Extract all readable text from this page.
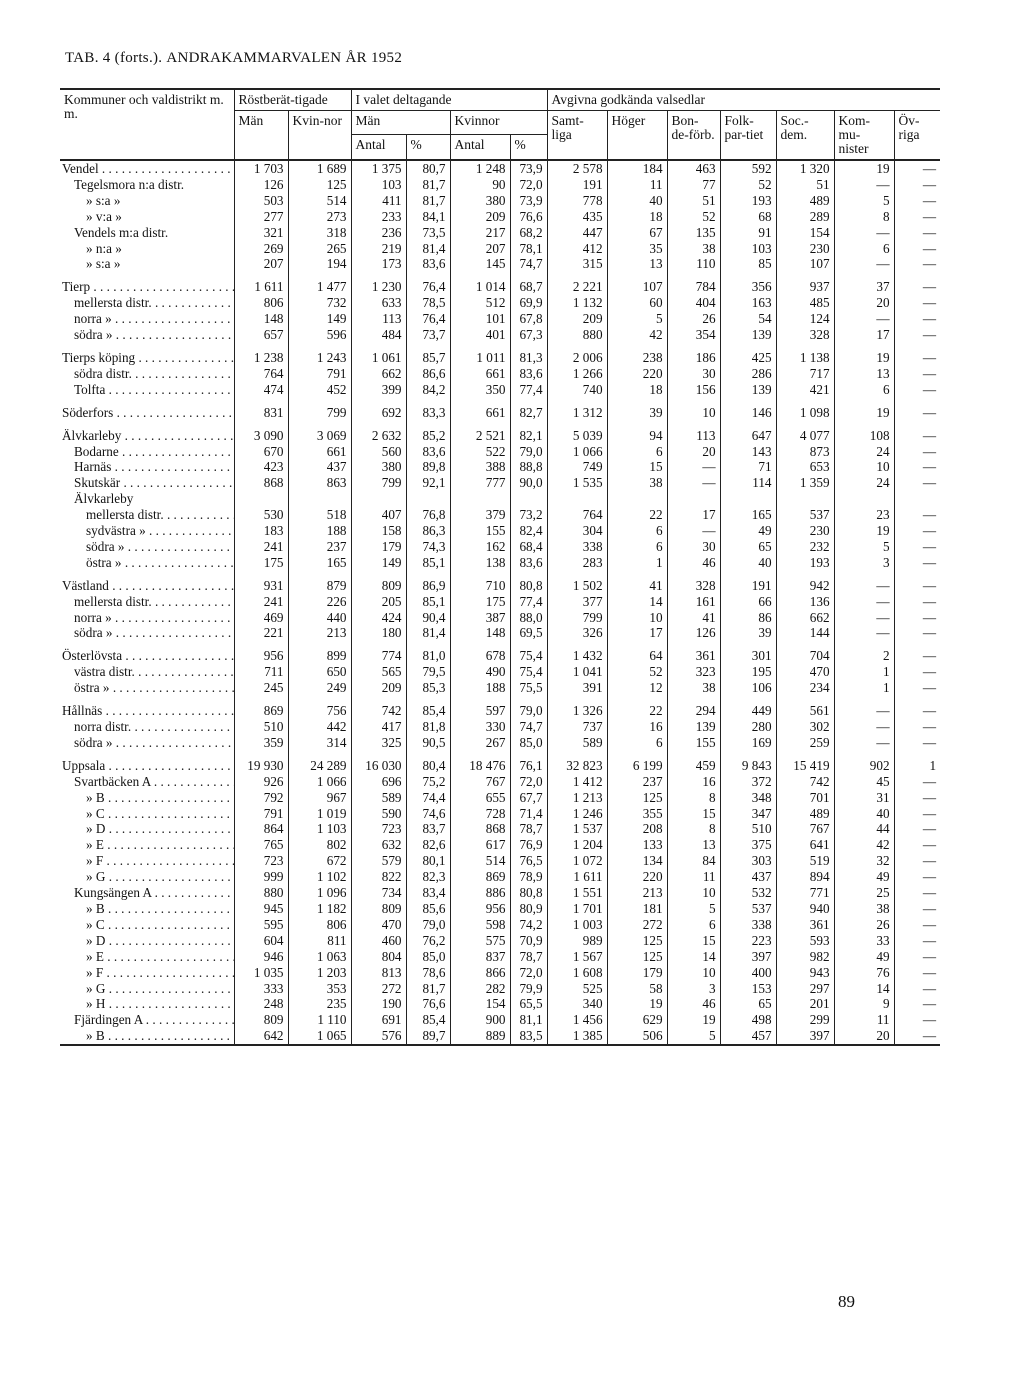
TAB. 4 (forts.). ANDRAKAMMARVALEN ÅR 1952
Kommuner och valdistrikt m. m.	Röstberät-tigade		I valet deltagande				Avgivna godkända valsedlar						
	Män	Kvin-nor	Män		Kvinnor		Samt-liga	Höger	Bon-de-förb.	Folk-par-tiet	Soc.-dem.	Kom-mu-nister	Öv-riga
			Antal	%	Antal	%							
Vendel . . .	1 703	1 689	1 375	80,7	1 248	73,9	2 578	184	463	592	1 320	19	—
Tegelsmora n:a distr.	126	125	103	81,7	90	72,0	191	11	77	52	51	—	—
» s:a »	503	514	411	81,7	380	73,9	778	40	51	193	489	5	—
» v:a »	277	273	233	84,1	209	76,6	435	18	52	68	289	8	—
Vendels m:a distr.	321	318	236	73,5	217	68,2	447	67	135	91	154	—	—
» n:a »	269	265	219	81,4	207	78,1	412	35	38	103	230	6	—
» s:a »	207	194	173	83,6	145	74,7	315	13	110	85	107	—	—
Tierp . . .	1 611	1 477	1 230	76,4	1 014	68,7	2 221	107	784	356	937	37	—
mellersta distr. . . .	806	732	633	78,5	512	69,9	1 132	60	404	163	485	20	—
norra » . . .	148	149	113	76,4	101	67,8	209	5	26	54	124	—	—
södra » . . .	657	596	484	73,7	401	67,3	880	42	354	139	328	17	—
Tierps köping . . .	1 238	1 243	1 061	85,7	1 011	81,3	2 006	238	186	425	1 138	19	—
södra distr. . . .	764	791	662	86,6	661	83,6	1 266	220	30	286	717	13	—
Tolfta . . .	474	452	399	84,2	350	77,4	740	18	156	139	421	6	—
Söderfors . . .	831	799	692	83,3	661	82,7	1 312	39	10	146	1 098	19	—
Älvkarleby . . .	3 090	3 069	2 632	85,2	2 521	82,1	5 039	94	113	647	4 077	108	—
Bodarne . . .	670	661	560	83,6	522	79,0	1 066	6	20	143	873	24	—
Harnäs . . .	423	437	380	89,8	388	88,8	749	15	—	71	653	10	—
Skutskär . . .	868	863	799	92,1	777	90,0	1 535	38	—	114	1 359	24	—
Älvkarleby													
mellersta distr. . . .	530	518	407	76,8	379	73,2	764	22	17	165	537	23	—
sydvästra » . . .	183	188	158	86,3	155	82,4	304	6	—	49	230	19	—
södra » . . .	241	237	179	74,3	162	68,4	338	6	30	65	232	5	—
östra » . . .	175	165	149	85,1	138	83,6	283	1	46	40	193	3	—
Västland . . .	931	879	809	86,9	710	80,8	1 502	41	328	191	942	—	—
mellersta distr. . . .	241	226	205	85,1	175	77,4	377	14	161	66	136	—	—
norra » . . .	469	440	424	90,4	387	88,0	799	10	41	86	662	—	—
södra » . . .	221	213	180	81,4	148	69,5	326	17	126	39	144	—	—
Österlövsta . . .	956	899	774	81,0	678	75,4	1 432	64	361	301	704	2	—
västra distr. . . .	711	650	565	79,5	490	75,4	1 041	52	323	195	470	1	—
östra » . . .	245	249	209	85,3	188	75,5	391	12	38	106	234	1	—
Hållnäs . . .	869	756	742	85,4	597	79,0	1 326	22	294	449	561	—	—
norra distr. . . .	510	442	417	81,8	330	74,7	737	16	139	280	302	—	—
södra » . . .	359	314	325	90,5	267	85,0	589	6	155	169	259	—	—
Uppsala . . .	19 930	24 289	16 030	80,4	18 476	76,1	32 823	6 199	459	9 843	15 419	902	1
Svartbäcken A . . .	926	1 066	696	75,2	767	72,0	1 412	237	16	372	742	45	—
» B . . .	792	967	589	74,4	655	67,7	1 213	125	8	348	701	31	—
» C . . .	791	1 019	590	74,6	728	71,4	1 246	355	15	347	489	40	—
» D . . .	864	1 103	723	83,7	868	78,7	1 537	208	8	510	767	44	—
» E . . .	765	802	632	82,6	617	76,9	1 204	133	13	375	641	42	—
» F . . .	723	672	579	80,1	514	76,5	1 072	134	84	303	519	32	—
» G . . .	999	1 102	822	82,3	869	78,9	1 611	220	11	437	894	49	—
Kungsängen A . . .	880	1 096	734	83,4	886	80,8	1 551	213	10	532	771	25	—
» B . . .	945	1 182	809	85,6	956	80,9	1 701	181	5	537	940	38	—
» C . . .	595	806	470	79,0	598	74,2	1 003	272	6	338	361	26	—
» D . . .	604	811	460	76,2	575	70,9	989	125	15	223	593	33	—
» E . . .	946	1 063	804	85,0	837	78,7	1 567	125	14	397	982	49	—
» F . . .	1 035	1 203	813	78,6	866	72,0	1 608	179	10	400	943	76	—
» G . . .	333	353	272	81,7	282	79,9	525	58	3	153	297	14	—
» H . . .	248	235	190	76,6	154	65,5	340	19	46	65	201	9	—
Fjärdingen A . . .	809	1 110	691	85,4	900	81,1	1 456	629	19	498	299	11	—
» B . . .	642	1 065	576	89,7	889	83,5	1 385	506	5	457	397	20	—
89
